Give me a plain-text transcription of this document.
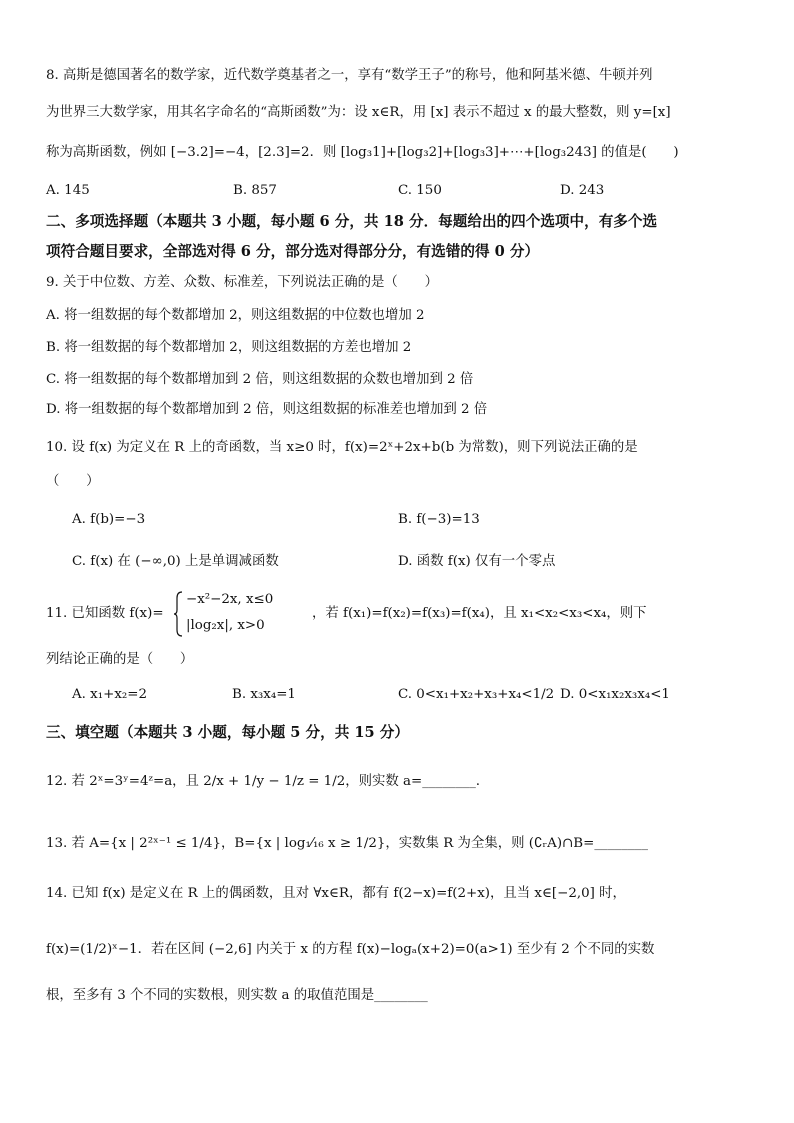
8. 高斯是德国著名的数学家，近代数学奠基者之一，享有“数学王子”的称号，他和阿基米德、牛顿并列
为世界三大数学家，用其名字命名的“高斯函数”为：设 x∈R，用 [x] 表示不超过 x 的最大整数，则 y=[x]
称为高斯函数，例如 [−3.2]=−4，[2.3]=2．则 [log₃1]+[log₃2]+[log₃3]+⋯+[log₃243] 的值是(　　)
A. 145	B. 857	C. 150	D. 243
二、多项选择题（本题共 3 小题，每小题 6 分，共 18 分．每题给出的四个选项中，有多个选
项符合题目要求，全部选对得 6 分，部分选对得部分分，有选错的得 0 分）
9. 关于中位数、方差、众数、标准差，下列说法正确的是（　　）
A. 将一组数据的每个数都增加 2，则这组数据的中位数也增加 2
B. 将一组数据的每个数都增加 2，则这组数据的方差也增加 2
C. 将一组数据的每个数都增加到 2 倍，则这组数据的众数也增加到 2 倍
D. 将一组数据的每个数都增加到 2 倍，则这组数据的标准差也增加到 2 倍
10. 设 f(x) 为定义在 R 上的奇函数，当 x≥0 时，f(x)=2ˣ+2x+b(b 为常数)，则下列说法正确的是
（　　）
A. f(b)=−3	B. f(−3)=13
C. f(x) 在 (−∞,0) 上是单调减函数	D. 函数 f(x) 仅有一个零点
11. 已知函数 f(x)=
−x²−2x, x≤0
|log₂x|, x>0
，若 f(x₁)=f(x₂)=f(x₃)=f(x₄)，且 x₁<x₂<x₃<x₄，则下
列结论正确的是（　　）
A. x₁+x₂=2	B. x₃x₄=1	C. 0<x₁+x₂+x₃+x₄<1/2 D. 0<x₁x₂x₃x₄<1
三、填空题（本题共 3 小题，每小题 5 分，共 15 分）
12. 若 2ˣ=3ʸ=4ᶻ=a，且 2/x + 1/y − 1/z = 1/2，则实数 a=________.
13. 若 A={x | 2²ˣ⁻¹ ≤ 1/4}，B={x | log₁⁄₁₆ x ≥ 1/2}，实数集 R 为全集，则 (∁ᵣA)∩B=________
14. 已知 f(x) 是定义在 R 上的偶函数，且对 ∀x∈R，都有 f(2−x)=f(2+x)，且当 x∈[−2,0] 时，
f(x)=(1/2)ˣ−1．若在区间 (−2,6] 内关于 x 的方程 f(x)−logₐ(x+2)=0(a>1) 至少有 2 个不同的实数
根，至多有 3 个不同的实数根，则实数 a 的取值范围是________
